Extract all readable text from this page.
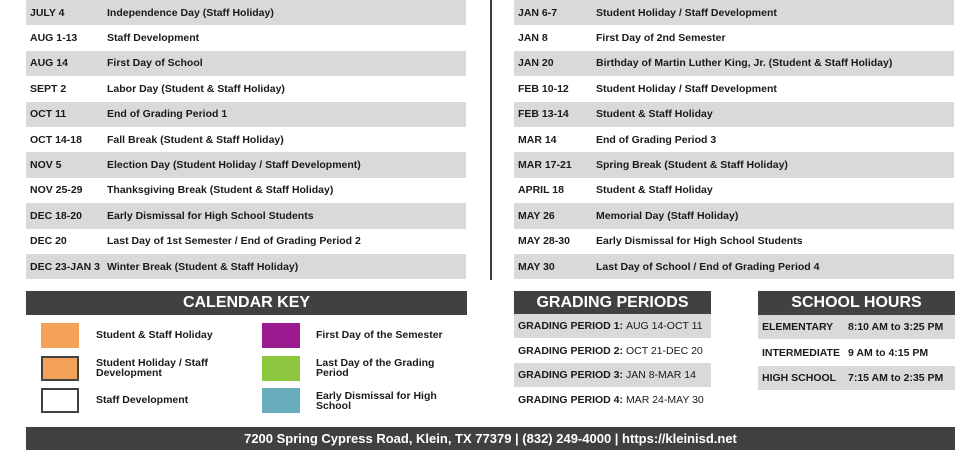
JULY 4	Independence Day (Staff Holiday)
AUG 1-13	Staff Development
AUG 14	First Day of School
SEPT 2	Labor Day (Student & Staff Holiday)
OCT 11	End of Grading Period 1
OCT 14-18	Fall Break (Student & Staff Holiday)
NOV 5	Election Day (Student Holiday / Staff Development)
NOV 25-29	Thanksgiving Break (Student & Staff Holiday)
DEC 18-20	Early Dismissal for High School Students
DEC 20	Last Day of 1st Semester / End of Grading Period 2
DEC 23-JAN 3 Winter Break (Student & Staff Holiday)
JAN 6-7	Student Holiday / Staff Development
JAN 8	First Day of 2nd Semester
JAN 20	Birthday of Martin Luther King, Jr. (Student & Staff Holiday)
FEB 10-12	Student Holiday / Staff Development
FEB 13-14	Student & Staff Holiday
MAR 14	End of Grading Period 3
MAR 17-21	Spring Break (Student & Staff Holiday)
APRIL 18	Student & Staff Holiday
MAY 26	Memorial Day (Staff Holiday)
MAY 28-30	Early Dismissal for High School Students
MAY 30	Last Day of School / End of Grading Period 4
CALENDAR KEY
Student & Staff Holiday
Student Holiday / Staff
Development
Staff Development
First Day of the Semester
Last Day of the Grading
Period
Early Dismissal for High
School
GRADING PERIODS
GRADING PERIOD 1:
AUG 14-OCT 11
GRADING PERIOD 2:
OCT 21-DEC 20
GRADING PERIOD 3:
JAN 8-MAR 14
GRADING PERIOD 4:
MAR 24-MAY 30
SCHOOL HOURS
ELEMENTARY	8:10 AM to 3:25 PM
INTERMEDIATE 9 AM to 4:15 PM
HIGH SCHOOL	7:15 AM to 2:35 PM
7200 Spring Cypress Road, Klein, TX 77379 | (832) 249-4000 | https://kleinisd.net
